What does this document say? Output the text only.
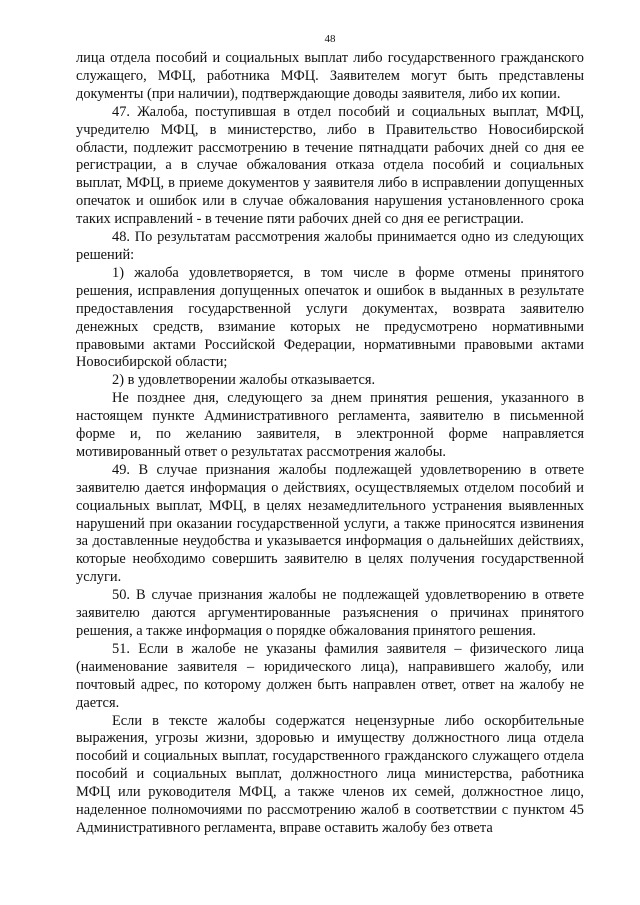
48

лица отдела пособий и социальных выплат либо государственного гражданского служащего, МФЦ, работника МФЦ. Заявителем могут быть представлены документы (при наличии), подтверждающие доводы заявителя, либо их копии.

47. Жалоба, поступившая в отдел пособий и социальных выплат, МФЦ, учредителю МФЦ, в министерство, либо в Правительство Новосибирской области, подлежит рассмотрению в течение пятнадцати рабочих дней со дня ее регистрации, а в случае обжалования отказа отдела пособий и социальных выплат, МФЦ, в приеме документов у заявителя либо в исправлении допущенных опечаток и ошибок или в случае обжалования нарушения установленного срока таких исправлений - в течение пяти рабочих дней со дня ее регистрации.

48. По результатам рассмотрения жалобы принимается одно из следующих решений:

1) жалоба удовлетворяется, в том числе в форме отмены принятого решения, исправления допущенных опечаток и ошибок в выданных в результате предоставления государственной услуги документах, возврата заявителю денежных средств, взимание которых не предусмотрено нормативными правовыми актами Российской Федерации, нормативными правовыми актами Новосибирской области;

2) в удовлетворении жалобы отказывается.

Не позднее дня, следующего за днем принятия решения, указанного в настоящем пункте Административного регламента, заявителю в письменной форме и, по желанию заявителя, в электронной форме направляется мотивированный ответ о результатах рассмотрения жалобы.

49. В случае признания жалобы подлежащей удовлетворению в ответе заявителю дается информация о действиях, осуществляемых отделом пособий и социальных выплат, МФЦ, в целях незамедлительного устранения выявленных нарушений при оказании государственной услуги, а также приносятся извинения за доставленные неудобства и указывается информация о дальнейших действиях, которые необходимо совершить заявителю в целях получения государственной услуги.

50. В случае признания жалобы не подлежащей удовлетворению в ответе заявителю даются аргументированные разъяснения о причинах принятого решения, а также информация о порядке обжалования принятого решения.

51. Если в жалобе не указаны фамилия заявителя – физического лица (наименование заявителя – юридического лица), направившего жалобу, или почтовый адрес, по которому должен быть направлен ответ, ответ на жалобу не дается.

Если в тексте жалобы содержатся нецензурные либо оскорбительные выражения, угрозы жизни, здоровью и имуществу должностного лица отдела пособий и социальных выплат, государственного гражданского служащего отдела пособий и социальных выплат, должностного лица министерства, работника МФЦ или руководителя МФЦ, а также членов их семей, должностное лицо, наделенное полномочиями по рассмотрению жалоб в соответствии с пунктом 45 Административного регламента, вправе оставить жалобу без ответа
